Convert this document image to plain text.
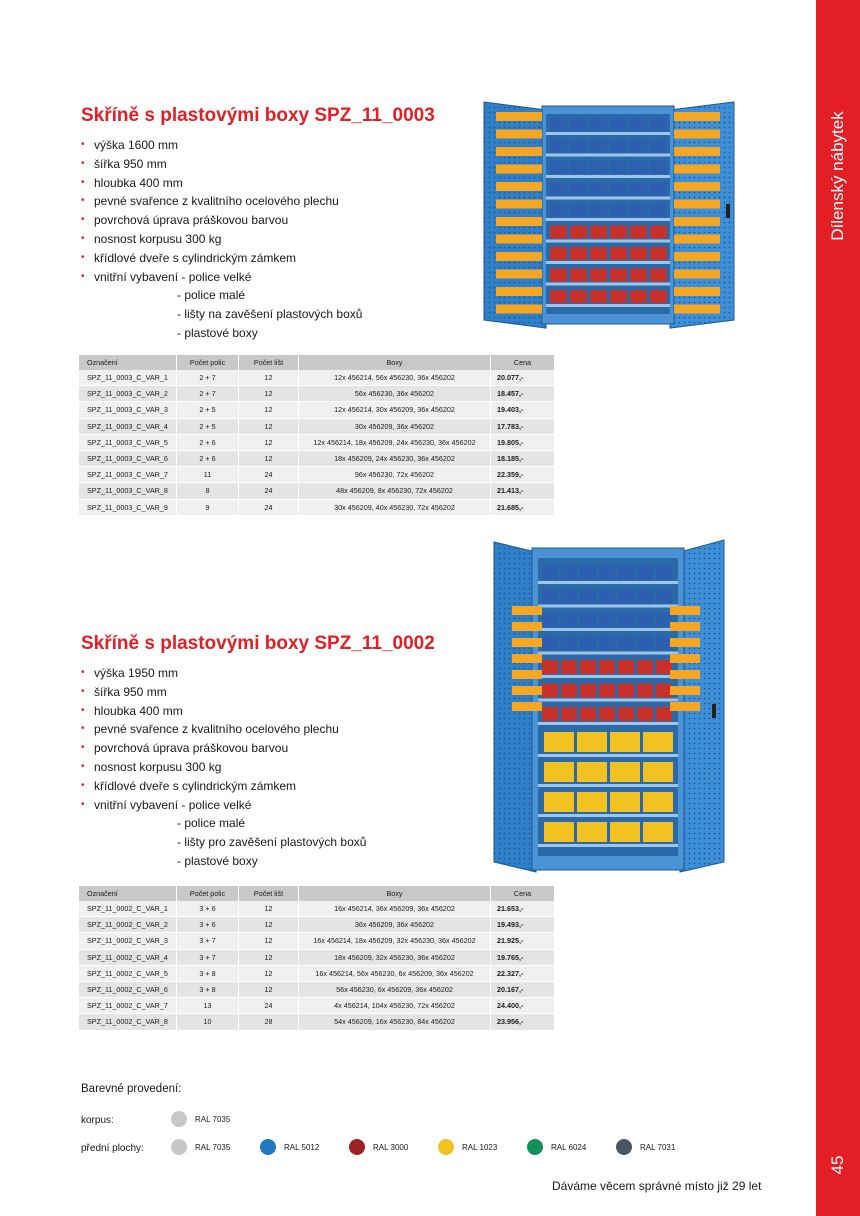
Dílenský nábytek
45
Skříně s plastovými boxy SPZ_11_0003
• výška 1600 mm
• šířka 950 mm
• hloubka 400 mm
• pevné svařence z kvalitního ocelového plechu
• povrchová úprava práškovou barvou
• nosnost korpusu 300 kg
• křídlové dveře s cylindrickým zámkem
• vnitřní vybavení - police velké
- police malé
- lišty na zavěšení plastových boxů
- plastové boxy
Označení	Počet polic	Počet lišt	Boxy	Cena
SPZ_11_0003_C_VAR_1	2 + 7	12	12x 456214, 56x 456230, 36x 456202	20.077,-
SPZ_11_0003_C_VAR_2	2 + 7	12	56x 456230, 36x 456202	18.457,-
SPZ_11_0003_C_VAR_3	2 + 5	12	12x 456214, 30x 456209, 36x 456202	19.403,-
SPZ_11_0003_C_VAR_4	2 + 5	12	30x 456209, 36x 456202	17.783,-
SPZ_11_0003_C_VAR_5	2 + 6	12	12x 456214, 18x 456209, 24x 456230, 36x 456202	19.805,-
SPZ_11_0003_C_VAR_6	2 + 6	12	18x 456209, 24x 456230, 36x 456202	18.185,-
SPZ_11_0003_C_VAR_7	11	24	96x 456230, 72x 456202	22.359,-
SPZ_11_0003_C_VAR_8	8	24	48x 456209, 8x 456230, 72x 456202	21.413,-
SPZ_11_0003_C_VAR_9	9	24	30x 456209, 40x 456230, 72x 456202	21.685,-
Skříně s plastovými boxy SPZ_11_0002
• výška 1950 mm
• šířka 950 mm
• hloubka 400 mm
• pevné svařence z kvalitního ocelového plechu
• povrchová úprava práškovou barvou
• nosnost korpusu 300 kg
• křídlové dveře s cylindrickým zámkem
• vnitřní vybavení - police velké
- police malé
- lišty pro zavěšení plastových boxů
- plastové boxy
Označení	Počet polic	Počet lišt	Boxy	Cena
SPZ_11_0002_C_VAR_1	3 + 6	12	16x 456214, 36x 456209, 36x 456202	21.653,-
SPZ_11_0002_C_VAR_2	3 + 6	12	36x 456209, 36x 456202	19.493,-
SPZ_11_0002_C_VAR_3	3 + 7	12	16x 456214, 18x 456209, 32x 456230, 36x 456202	21.925,-
SPZ_11_0002_C_VAR_4	3 + 7	12	18x 456209, 32x 456230, 36x 456202	19.765,-
SPZ_11_0002_C_VAR_5	3 + 8	12	16x 456214, 56x 456230, 6x 456209, 36x 456202	22.327,-
SPZ_11_0002_C_VAR_6	3 + 8	12	56x 456230, 6x 456209, 36x 456202	20.167,-
SPZ_11_0002_C_VAR_7	13	24	4x 456214, 104x 456230, 72x 456202	24.400,-
SPZ_11_0002_C_VAR_8	10	28	54x 456209, 16x 456230, 84x 456202	23.956,-
Barevné provedení:
korpus:
přední plochy:
RAL 7035
RAL 7035	RAL 5012	RAL 3000	RAL 1023	RAL 6024	RAL 7031
Dáváme věcem správné místo již 29 let
